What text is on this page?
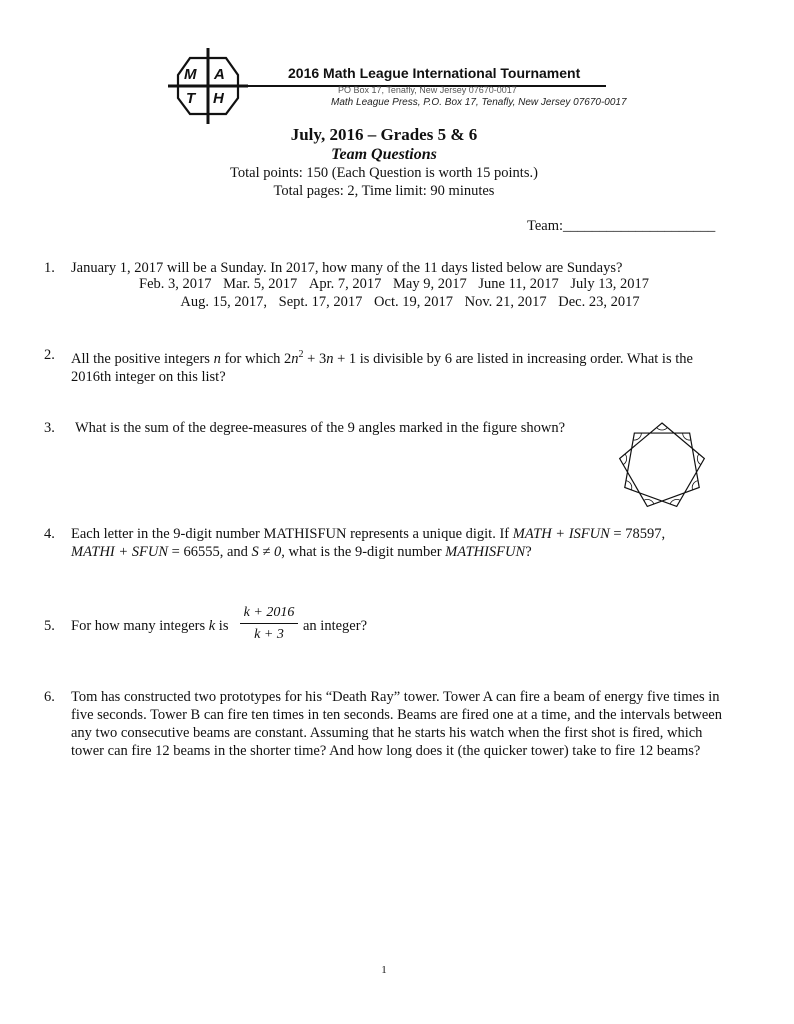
M A
T H
2016 Math League International Tournament
PO Box 17, Tenafly, New Jersey 07670-0017
Math League Press, P.O. Box 17, Tenafly, New Jersey 07670-0017
July, 2016 – Grades 5 & 6
Team Questions
Total points: 150 (Each Question is worth 15 points.)
Total pages: 2, Time limit: 90 minutes
Team:_____________________
1. January 1, 2017 will be a Sunday. In 2017, how many of the 11 days listed below are Sundays?
Feb. 3, 2017 Mar. 5, 2017 Apr. 7, 2017 May 9, 2017 June 11, 2017 July 13, 2017
Aug. 15, 2017, Sept. 17, 2017 Oct. 19, 2017 Nov. 21, 2017 Dec. 23, 2017
2. All the positive integers n for which $2n^2 + 3n + 1$ is divisible by 6 are listed in increasing order. What is the
2016th integer on this list?
3. What is the sum of the degree-measures of the 9 angles marked in the figure shown?
4. Each letter in the 9-digit number MATHISFUN represents a unique digit. If MATH + ISFUN = 78597,
MATHI + SFUN = 66555, and S ≠ 0, what is the 9-digit number MATHISFUN?
5. For how many integers k is
k + 2016
k + 3
an integer?
6. Tom has constructed two prototypes for his “Death Ray” tower. Tower A can fire a beam of energy five times in five seconds. Tower B can fire ten times in ten seconds. Beams are fired one at a time, and the intervals between any two consecutive beams are constant. Assuming that he starts his watch when the first shot is fired, which tower can fire 12 beams in the shorter time? And how long does it (the quicker tower) take to fire 12 beams?
1
